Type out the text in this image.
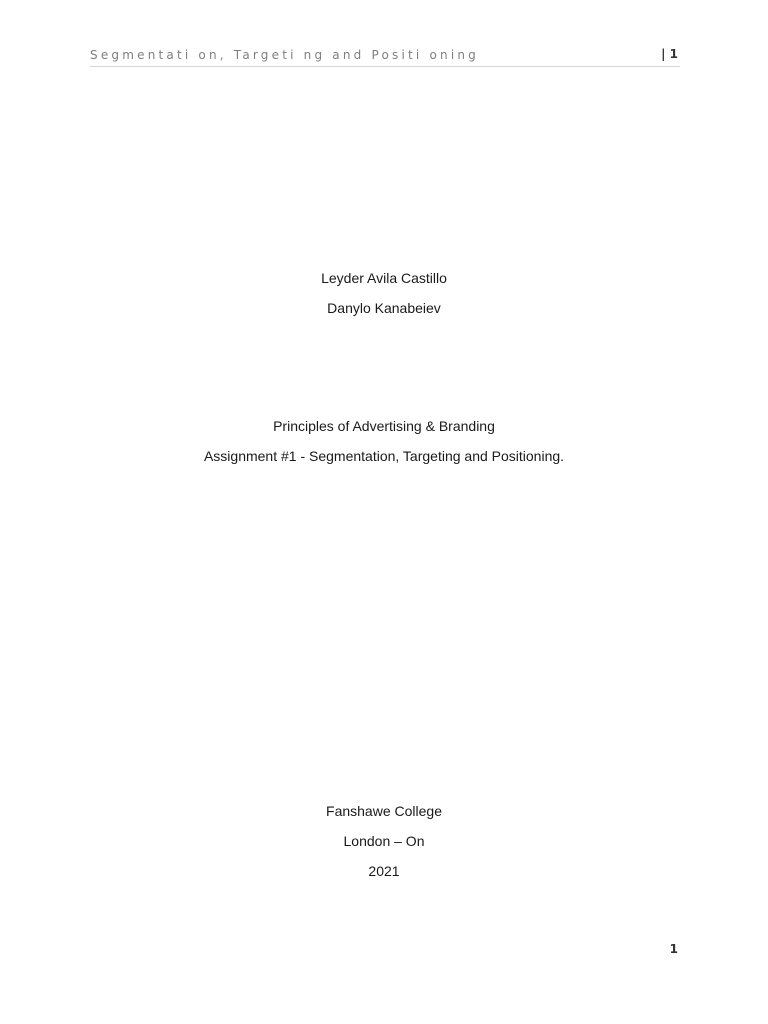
Segmentati on, Targeti ng and Positi oning	| 1
Leyder Avila Castillo
Danylo Kanabeiev
Principles of Advertising & Branding
Assignment #1 - Segmentation, Targeting and Positioning.
Fanshawe College
London – On
2021
1
